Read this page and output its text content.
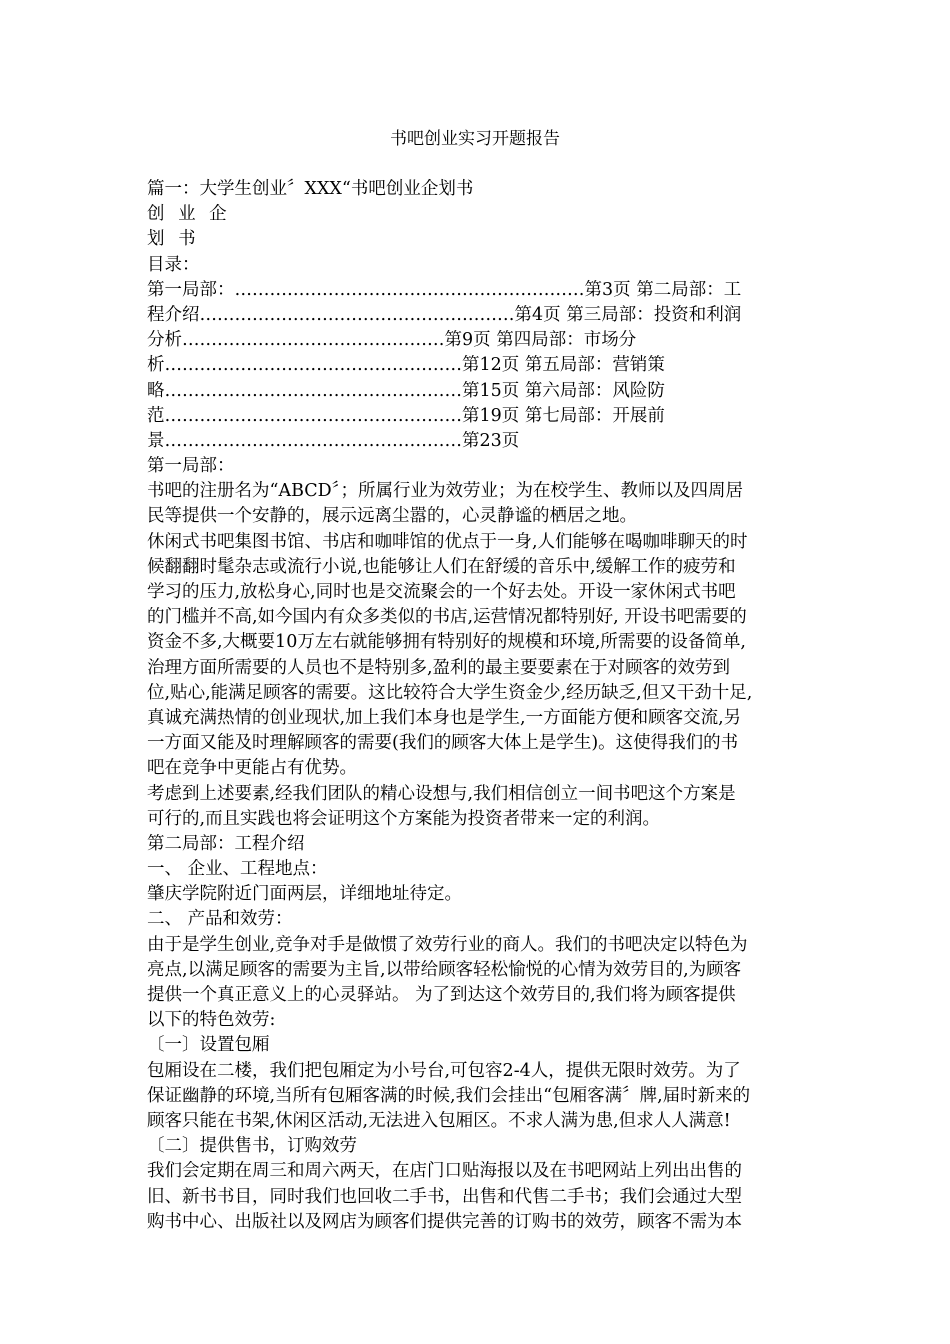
书吧创业实习开题报告
篇一：大学生创业〞XXX“书吧创业企划书
创 业 企
划 书
目录：
第一局部：……………………………………………………第3页 第二局部：工
程介绍………………………………………………第4页 第三局部：投资和利润
分析………………………………………第9页 第四局部：市场分
析……………………………………………第12页 第五局部：营销策
略……………………………………………第15页 第六局部：风险防
范……………………………………………第19页 第七局部：开展前
景……………………………………………第23页
第一局部：
书吧的注册名为“ABCD〞；所属行业为效劳业；为在校学生、教师以及四周居
民等提供一个安静的，展示远离尘嚣的，心灵静谧的栖居之地。
休闲式书吧集图书馆、书店和咖啡馆的优点于一身,人们能够在喝咖啡聊天的时
候翻翻时髦杂志或流行小说,也能够让人们在舒缓的音乐中,缓解工作的疲劳和
学习的压力,放松身心,同时也是交流聚会的一个好去处。开设一家休闲式书吧
的门槛并不高,如今国内有众多类似的书店,运营情况都特别好, 开设书吧需要的
资金不多,大概要10万左右就能够拥有特别好的规模和环境,所需要的设备简单,
治理方面所需要的人员也不是特别多,盈利的最主要要素在于对顾客的效劳到
位,贴心,能满足顾客的需要。这比较符合大学生资金少,经历缺乏,但又干劲十足,
真诚充满热情的创业现状,加上我们本身也是学生,一方面能方便和顾客交流,另
一方面又能及时理解顾客的需要(我们的顾客大体上是学生)。这使得我们的书
吧在竞争中更能占有优势。
考虑到上述要素,经我们团队的精心设想与,我们相信创立一间书吧这个方案是
可行的,而且实践也将会证明这个方案能为投资者带来一定的利润。
第二局部：工程介绍
一、 企业、工程地点：
肇庆学院附近门面两层，详细地址待定。
二、 产品和效劳：
由于是学生创业,竞争对手是做惯了效劳行业的商人。我们的书吧决定以特色为
亮点,以满足顾客的需要为主旨,以带给顾客轻松愉悦的心情为效劳目的,为顾客
提供一个真正意义上的心灵驿站。 为了到达这个效劳目的,我们将为顾客提供
以下的特色效劳:
〔一〕设置包厢
包厢设在二楼，我们把包厢定为小号台,可包容2-4人，提供无限时效劳。为了
保证幽静的环境,当所有包厢客满的时候,我们会挂出“包厢客满〞牌,届时新来的
顾客只能在书架,休闲区活动,无法进入包厢区。不求人满为患,但求人人满意!
〔二〕提供售书，订购效劳
我们会定期在周三和周六两天，在店门口贴海报以及在书吧网站上列出出售的
旧、新书书目，同时我们也回收二手书，出售和代售二手书；我们会通过大型
购书中心、出版社以及网店为顾客们提供完善的订购书的效劳，顾客不需为本
